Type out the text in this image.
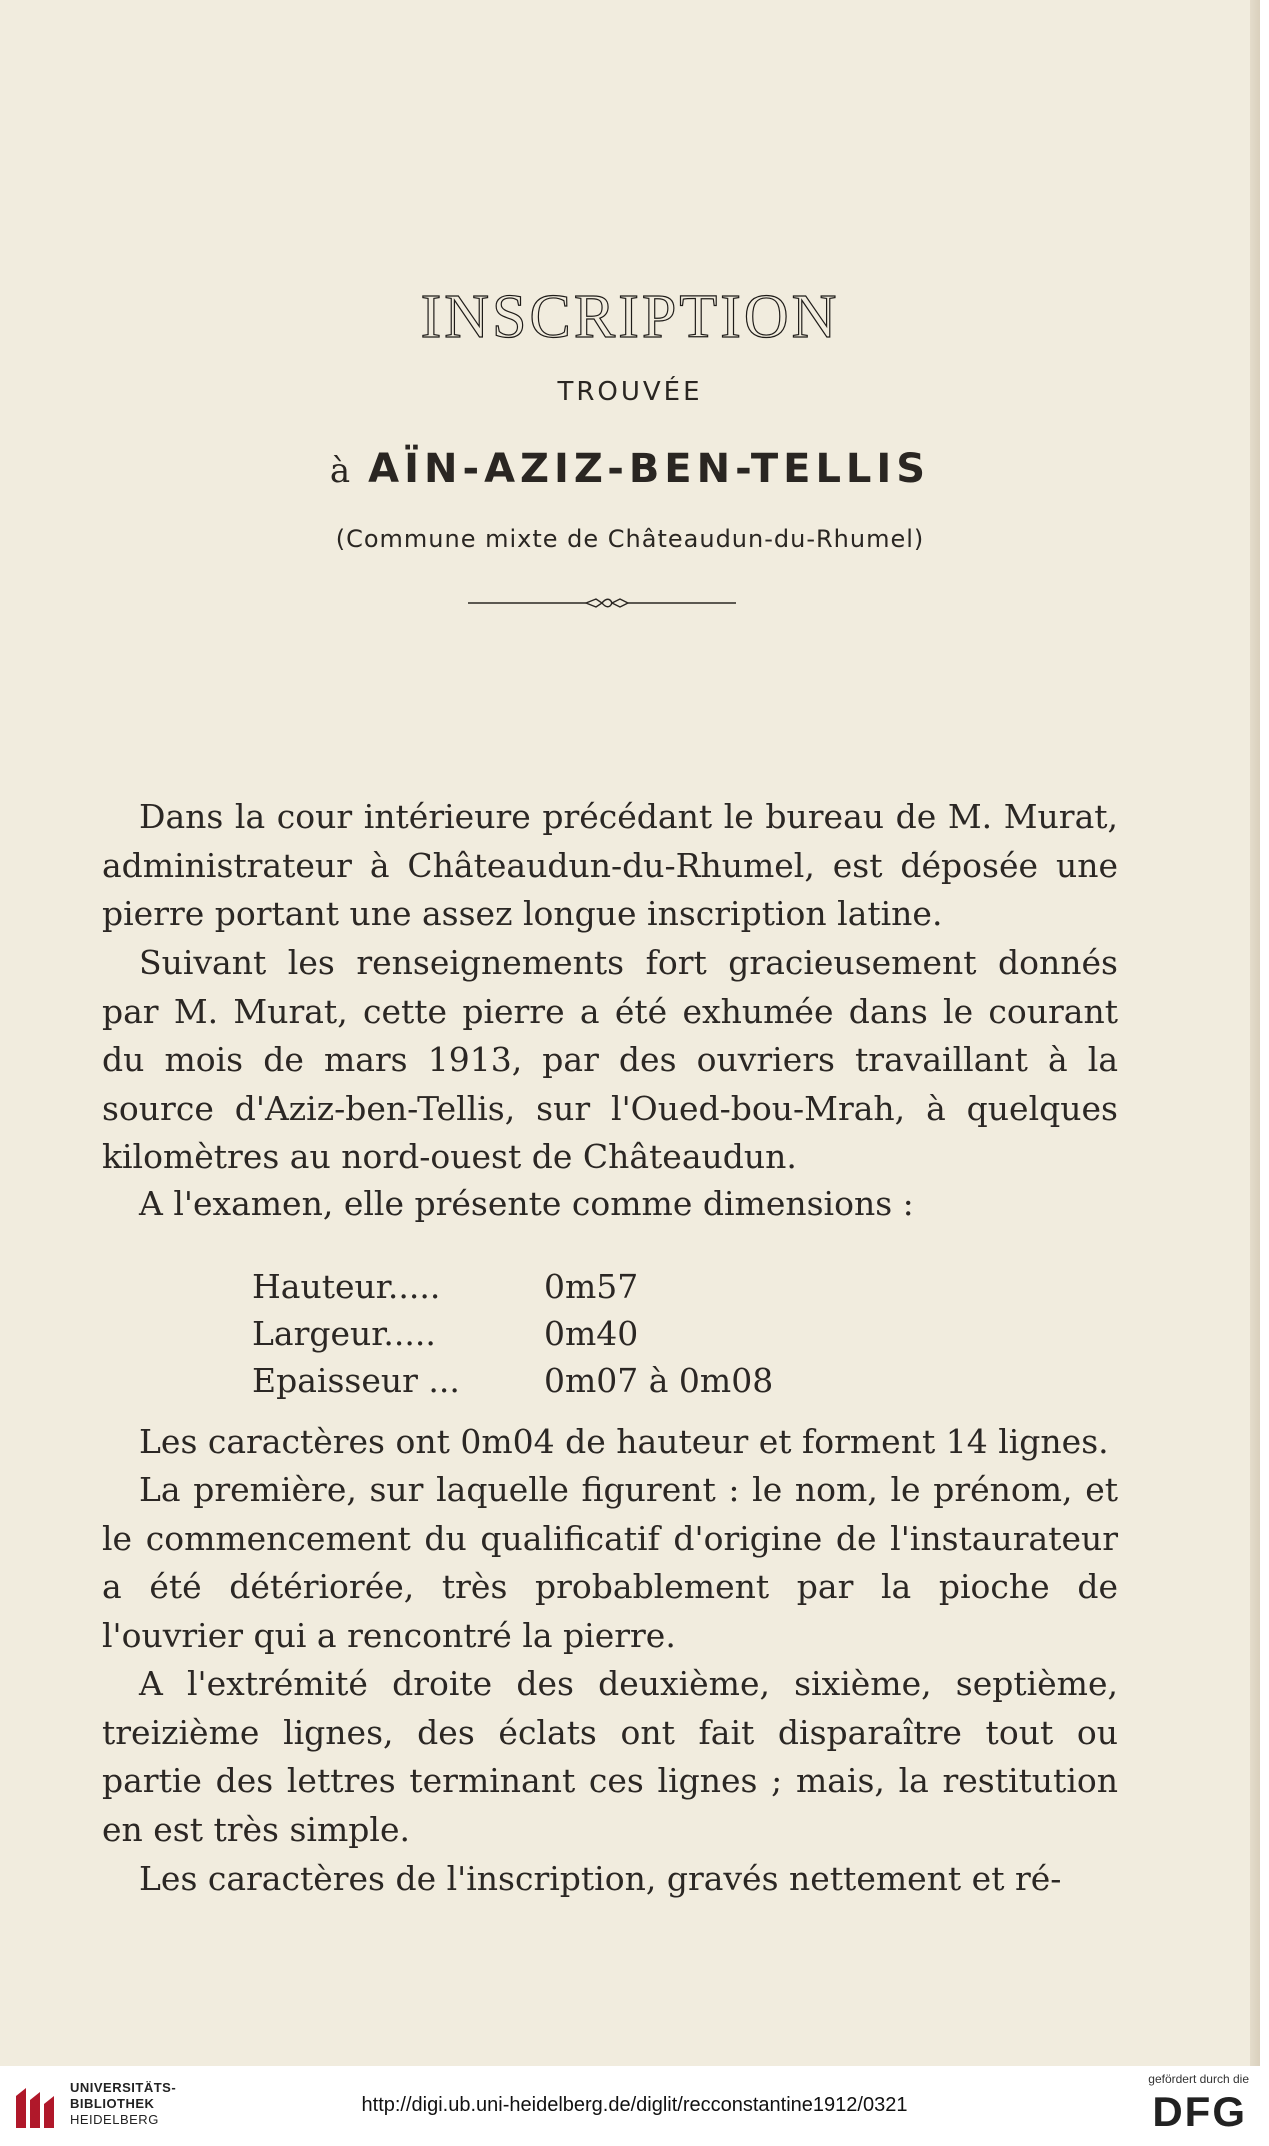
INSCRIPTION
TROUVÉE
à AÏN-AZIZ-BEN-TELLIS
(Commune mixte de Châteaudun-du-Rhumel)

Dans la cour intérieure précédant le bureau de M. Murat, administrateur à Châteaudun-du-Rhumel, est déposée une pierre portant une assez longue inscription latine.

Suivant les renseignements fort gracieusement donnés par M. Murat, cette pierre a été exhumée dans le courant du mois de mars 1913, par des ouvriers travaillant à la source d'Aziz-ben-Tellis, sur l'Oued-bou-Mrah, à quelques kilomètres au nord-ouest de Châteaudun.

A l'examen, elle présente comme dimensions :

Hauteur.....	0m57
Largeur.....	0m40
Epaisseur ...	0m07 à 0m08

Les caractères ont 0m04 de hauteur et forment 14 lignes.

La première, sur laquelle figurent : le nom, le prénom, et le commencement du qualificatif d'origine de l'instaurateur a été détériorée, très probablement par la pioche de l'ouvrier qui a rencontré la pierre.

A l'extrémité droite des deuxième, sixième, septième, treizième lignes, des éclats ont fait disparaître tout ou partie des lettres terminant ces lignes ; mais, la restitution en est très simple.

Les caractères de l'inscription, gravés nettement et ré-

UNIVERSITÄTS-
BIBLIOTHEK
HEIDELBERG
http://digi.ub.uni-heidelberg.de/diglit/recconstantine1912/0321
gefördert durch die
DFG
